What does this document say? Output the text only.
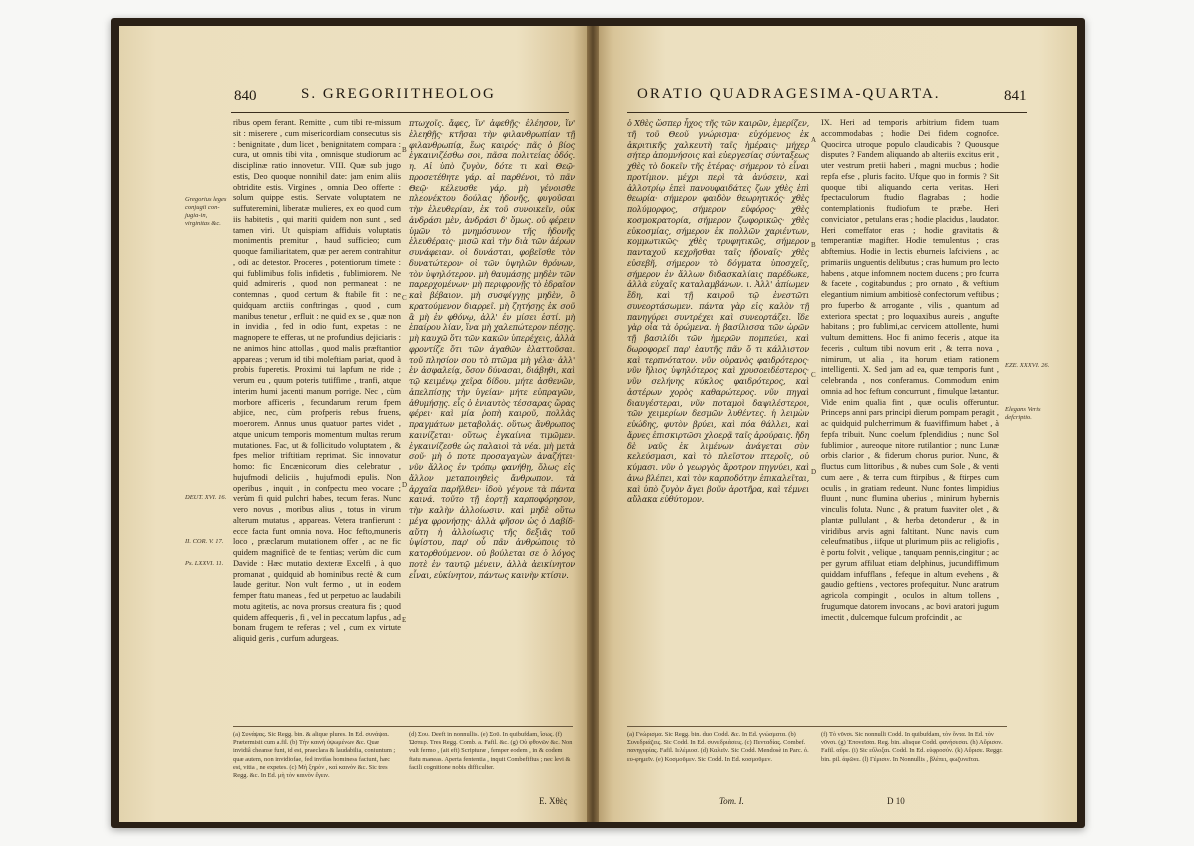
840	S. GREGORII THEOLOG
Gregorius leges conjugii con-jugia-in, virginitas &c.
DEUT. XVI. 16.
II. COR. V. 17.
Ps. LXXVI. 11.

ribus opem ferant. Remitte , cum tibi re-missum sit : miserere , cum misericordiam consecutus sis : benignitate , dum licet , benignitatem compara : cura, ut omnis tibi vita , omnisque studiorum ac disciplinæ ratio innovetur. VIII. Quæ sub jugo estis, Deo quoque nonnihil date: jam enim aliis obtridite estis. Virgines , omnia Deo offerte : solum quippe estis. Servate voluptatem ne suffuteremini, liberatæ mulieres, ex eo quod cum iis habitetis , qui mariti quidem non sunt , sed tamen viri. Ut quispiam affiduis voluptatis monimentis premitur , haud sufficieo; cum quoque familiaritatem, quæ per aerem contrahitur , odi ac detestor. Proceres , potentiorum timete : qui fublimibus folis infidetis , fublimiorem. Ne quid admireris , quod non permaneat : ne contemnas , quod certum & ftabile fit : ne quidquam arctiis conftringas , quod , cum manibus tenetur , erfluit : ne quid ex se , quæ non in invidia , fed in odio funt, expetas : ne magnopere te efferas, ut ne profundius dejiciaris : ne animos hinc attollas , quod malis præftantior appareas ; verum id tibi moleftiam pariat, quod à probis fuperetis. Proximi tui lapfum ne ride ; verum eu , quum poteris tutiffime , tranfi, atque interim humi jacenti manum porrige. Nec , cùm morbore afficeris , fecundarum rerum fpem abjice, nec, cùm profperis rebus fruens, moerorem. Annus unus quatuor partes videt , atque unicum temporis momentum multas rerum mutationes. Fac, ut & follicitudo voluptatem , & fpes melior triftitiam reprimat. Sic innovatur homo: fic Encænicorum dies celebratur , hujufmodi deliciis , hujufmodi epulis. Non operibus , inquit , in confpectu meo vocare ; verùm fi quid pulchri habes, tecum feras. Nunc vero novus , moribus alius , totus in virum alterum mutatus , appareas. Vetera tranfierunt : ecce facta funt omnia nova. Hoc fefto,muneris loco , præclarum mutationem offer , ac ne fic quidem magnificè de te fentias; verùm dic cum Davide : Hæc mutatio dexteræ Excelfi , à quo promanat , quidquid ab hominibus rectè & cum laude geritur. Non vult fermo , ut in eodem femper ftatu maneas , fed ut perpetuo ac laudabili motu agitetis, ac nova prorsus creatura fis ; quod quidem affequeris , fi , vel in peccatum lapfus , ad bonam frugem te referas ; vel , cum ex virtute aliquid geris , curfum adurgeas.

πτωχοῖς. ἄφες, ἵν' ἀφεθῇς· ἐλέησον, ἵν' ἐλεηθῇς· κτῆσαι τὴν φιλανθρωπίαν τῇ φιλανθρωπίᾳ, ἕως καιρός· πᾶς ὁ βίος ἐγκαινιζέσθω σοι, πᾶσα πολιτείας ὁδός. η. Αἱ ὑπὸ ζυγὸν, δότε τι καὶ Θεῷ· προσετέθητε γάρ. αἱ παρθένοι, τὸ πᾶν Θεῷ· κέλευσθε γάρ. μὴ γένοισθε πλεονέκτου δούλας ἡδονῆς, φυγοῦσαι τὴν ἐλευθερίαν, ἐκ τοῦ συνοικεῖν, οὐκ ἀνδράσι μὲν, ἀνδράσι δ' ὅμως. οὐ φέρειν ὑμῶν τὸ μνημόσυνον τῆς ἡδονῆς ἐλευθέραις· μισῶ καὶ τὴν διὰ τῶν ἀέρων συνάφειαν. οἱ δυνάσται, φοβεῖσθε τὸν δυνατώτερον· οἱ τῶν ὑψηλῶν θρόνων, τὸν ὑψηλότερον. μὴ θαυμάσῃς μηδὲν τῶν παρερχομένων· μὴ περιφρονῇς τὸ ἑδραῖον καὶ βέβαιον. μὴ συσφίγγῃς μηδὲν, ὃ κρατούμενον διαρρεῖ. μὴ ζητήσῃς ἐκ σοῦ ἃ μὴ ἐν φθόνῳ, ἀλλ' ἐν μίσει ἐστί. μὴ ἐπαίρου λίαν, ἵνα μὴ χαλεπώτερον πέσῃς. μὴ καυχῶ ὅτι τῶν κακῶν ὑπερέχεις, ἀλλὰ φροντίζε ὅτι τῶν ἀγαθῶν ἐλαττοῦσαι. τοῦ πλησίον σου τὸ πτῶμα μὴ γέλα· ἀλλ' ἐν ἀσφαλείᾳ, ὅσον δύνασαι, διάβηθι, καὶ τῷ κειμένῳ χεῖρα δίδου. μήτε ἀσθενῶν, ἀπελπίσῃς τὴν ὑγείαν· μήτε εὐπραγῶν, ἀθυμήσῃς. εἷς ὁ ἐνιαυτὸς τέσσαρας ὥρας φέρει· καὶ μία ῥοπὴ καιροῦ, πολλὰς πραγμάτων μεταβολάς. οὕτως ἄνθρωπος καινίζεται· οὕτως ἐγκαίνια τιμῶμεν. ἐγκαινίζεσθε ὡς παλαιοὶ τὰ νέα. μὴ μετὰ σοῦ· μὴ ὁ ποτε προσαγαγὼν ἀναζήτει· νῦν ἄλλος ἐν τρόπῳ φανήθῃ, ὅλως εἰς ἄλλον μεταποιηθεὶς ἄνθρωπον. τὰ ἀρχαῖα παρῆλθεν· ἰδοὺ γέγονε τὰ πάντα καινά. τοῦτο τῇ ἑορτῇ καρποφόρησον, τὴν καλὴν ἀλλοίωσιν. καὶ μηδὲ οὕτω μέγα φρονήσῃς· ἀλλὰ φῆσον ὡς ὁ Δαβίδ· αὕτη ἡ ἀλλοίωσις τῆς δεξιᾶς τοῦ ὑψίστου, παρ' οὗ πᾶν ἀνθρώποις τὸ κατορθούμενον. οὐ βούλεται σε ὁ λόγος ποτὲ ἐν ταυτῷ μένειν, ἀλλὰ ἀεικίνητον εἶναι, εὐκίνητον, πάντως καινὴν κτίσιν.

B
C
D
E
(a) Συνάψας. Sic Regg. bin. & alique plures. In Ed. συνάψαι. Prætermisit cum a.fil. (b) Τὴν καινὴ ὑψωμένων &c. Quæ invidiâ cheanse funt, id est, praeclara & laudabilia, coniuntum ; quæ autem, non invidiofae, fed invifas hominess faciunt, hæc est, vitia , ne expetes. (c) Μὴ ξηρὸν , καὶ καινὸν &c. Sic tres Regg. &c. In Ed. μὴ τὸν καινὸν ἕγειν.
(d) Σου. Deeft in nonnullis. (e) Σοῦ. In quibufdam, ἴσως. (f) Ὡσπερ. Tres Regg. Comb. a. Fafil. &c. (g) Οὐ φθονῶν &c. Non vult fermo , (ait eft) Scripturæ , femper eodem , in & codem ftatu maneas. Aperta fententia , inquit Combefifius ; nec levi & facili cognitione nobis difficulter.
E. Χθὲς
ORATIO QUADRAGESIMA-QUARTA.	841

ὁ Χθὲς ὥσπερ ἦχος τῆς τῶν καιρῶν, ἐμερίζεν, τῆ τοῦ Θεοῦ γνώρισμα· εὐχόμενος ἐκ ἀκριτικῆς χαλκευτὴ ταῖς ἡμέραις· μήχερ σήτερ ἀπομνήσοις καὶ εὐεργεσίας σύνταξεως χθὲς τὸ δοκεῖν τῆς ἑτέρας· σήμερον τὸ εἶναι προτίμιον. μέχρι περὶ τὰ ἀνύσειν, καὶ ἀλλοτρίῳ ἐπεὶ πανουφαιδάτες ζων χθὲς ἐπὶ θεωρία· σήμερον φαιδὸν θεωρητικός· χθὲς πολύμορφος, σήμερον εὐφόρος· χθὲς κοσμοκρατορία, σήμερον ζωφορικῶς· χθὲς εὐκοσμίας, σήμερον ἐκ πολλῶν χαριέντων, κομμωτικῶς· χθὲς τρυφητικῶς, σήμερον πανταχοῦ κεχρῆσθαι ταῖς ἡδοναῖς· χθὲς εὐσεβῆ, σήμερον τὸ δόγματα ὑποσχεῖς, σήμερον ἐν ἄλλων διδασκαλίαις παρέδωκε, ἀλλὰ εὐχαῖς καταλαμβάνων. ι. Ἀλλ' ἀπίωμεν ἔδη, καὶ τῇ καιροῦ τῷ ἐνεστῶτι συνεορτάσωμεν. πάντα γὰρ εἰς καλὸν τῇ πανηγύρει συντρέχει καὶ συνεορτάζει. ἴδε γὰρ οἷα τὰ ὁρώμενα. ἡ βασίλισσα τῶν ὡρῶν τῇ βασιλίδι τῶν ἡμερῶν πομπεύει, καὶ δωροφορεῖ παρ' ἑαυτῆς πᾶν ὅ τι κάλλιστον καὶ τερπνότατον. νῦν οὐρανὸς φαιδρότερος· νῦν ἥλιος ὑψηλότερος καὶ χρυσοειδέστερος· νῦν σελήνης κύκλος φαιδρότερος, καὶ ἀστέρων χορὸς καθαρώτερος. νῦν πηγαὶ διαυγέστεραι, νῦν ποταμοὶ δαψιλέστεροι, τῶν χειμερίων δεσμῶν λυθέντες. ἡ λειμὼν εὐώδης, φυτὸν βρύει, καὶ πόα θάλλει, καὶ ἄρνες ἐπισκιρτῶσι χλοερᾷ ταῖς ἀρούραις. ἤδη δὲ ναῦς ἐκ λιμένων ἀνάγεται σὺν κελεύσμασι, καὶ τὸ πλεῖστον πτεροῖς, οὐ κύμασι. νῦν ὁ γεωργὸς ἄροτρον πηγνύει, καὶ ἀνω βλέπει, καὶ τὸν καρποδότην ἐπικαλεῖται, καὶ ὑπὸ ζυγὸν ἄγει βοῦν ἀροτῆρα, καὶ τέμνει αὔλακα εὐθύτομον.

A
B
C
D

IX. Heri ad temporis arbitrium fidem tuam accommodabas ; hodie Dei fidem cognofce. Quocirca utroque populo claudicabis ? Quousque disputes ? Fandem aliquando ab alteriis excitus erit , uter vestrum pretii haberi , magni mucbus ; hodie repfa efse , pluris facito. Ufque quo in formis ? Sit quoque tibi aliquando certa veritas. Heri fpectaculorum ftudio flagrabas ; hodie contemplationis ftudiofum te præbe. Heri conviciator , petulans eras ; hodie placidus , laudator. Heri comeffator eras ; hodie gravitatis & temperantiæ magifter. Hodie temulentus ; cras abftemius. Hodie in lectis eburneis lafciviens , ac primariis unguentis delibutus ; cras humum pro lecto habens , atque infomnem noctem ducens ; pro fcurra & facete , cogitabundus ; pro ornato , & veftium elegantium nimium ambitiosè confectorum veftibus ; pro fuperbo & arrogante , vilis , quantum ad exteriora spectat ; pro loquaxibus aureis , angufte habitans ; pro fublimi,ac cervicem attollente, humi vultum demittens. Hoc fi animo feceris , atque ita feceris , cultum tibi novum erit , & terra nova , nimirum, ut alia , ita horum etiam rationem intelligenti. X. Sed jam ad ea, quæ temporis funt , celebranda , nos conferamus. Commodum enim omnia ad hoc feftum concurrunt , fimulque lætantur. Vide enim qualia fint , quæ oculis offeruntur. Princeps anni pars principi dierum pompam peragit , ac quidquid pulcherrimum & fuaviffimum habet , à fepfa tribuit. Nunc coelum fplendidius ; nunc Sol fublimior , aureoque nitore rutilantior ; nunc Lunæ orbis clarior , & fiderum chorus purior. Nunc, & fluctus cum littoribus , & nubes cum Sole , & venti cum aere , & terra cum ftirpibus , & ftirpes cum oculis , in gratiam redeunt. Nunc fontes limpidius fluunt , nunc flumina uberius , minirum hybernis vinculis foluta. Nunc , & pratum fuaviter olet , & plantæ pullulant , & herba detonderur , & in viridibus arvis agni faltitant. Nunc navis cum celeufmatibus , iifque ut plurimum piis ac religiofis , è portu folvit , velique , tanquam pennis,cingitur ; ac per gyrum affiluat etiam delphinus, jucundiffimum quiddam infufflans , fefeque in altum evehens , & gaudio geftiens , vectores profequitur. Nunc aratrum agricola compingit , oculos in altum tollens , frugumque datorem invocans , ac bovi aratori jugum imectit , dulcemque fulcum profcindit , ac

EZE. XXXVI. 26.
Elegans Veris defcriptio.
(a) Γνώρισμα. Sic Regg. bin. duo Codd. &c. In Ed. γνώσματα. (b) Συνεδριάζεις. Sic Codd. In Ed. συνεδριάσεις. (c) Πενταδίας. Combef. πανηγυρίας. Fafil. Ιελέμιοσ. (d) Καλεῖν. Sic Codd. Mendosè in Parc. ὁ. ευ-φημεῖν. (e) Κοσμοῦμεν. Sic Codd. In Ed. κοσμοῦμεν.
(f) Τὸ νῦνσι. Sic nonnulli Codd. In quibufdam, τὸν ὄντα. In Ed. τὸν νῦνσι. (g) Ἐπονεῖσαι. Reg. bin. alisque Codd. φανήσεσαι. (h) Αὔρισον. Fafil. αὔρε. (i) Sic εὔλοξαι. Codd. In Ed. εὐφροσύν. (k) Αὔρισε. Reggr. bin. pil. ἀφῶνε. (l) Γέμισιν. In Nonnullis , βλέπει, φωζυνεῖται.
Tom. I.	D 10
